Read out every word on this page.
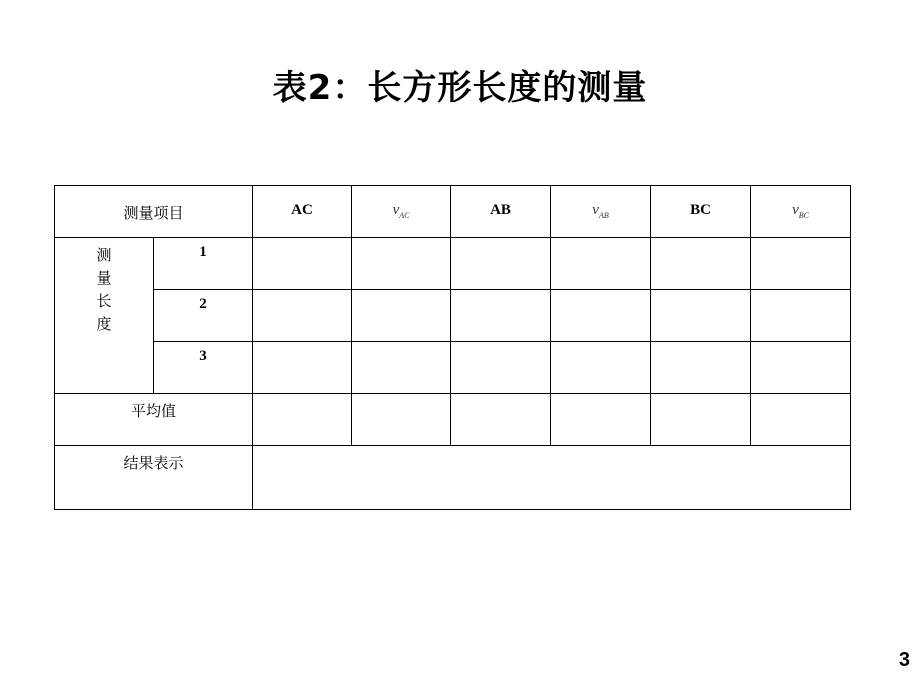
表2：长方形长度的测量
测量项目		AC	$v_{AC}$	AB	$v_{AB}$	BC	$v_{BC}$

测
量
长
度	1						
	2						
	3						
平均值							
结果表示							
3
